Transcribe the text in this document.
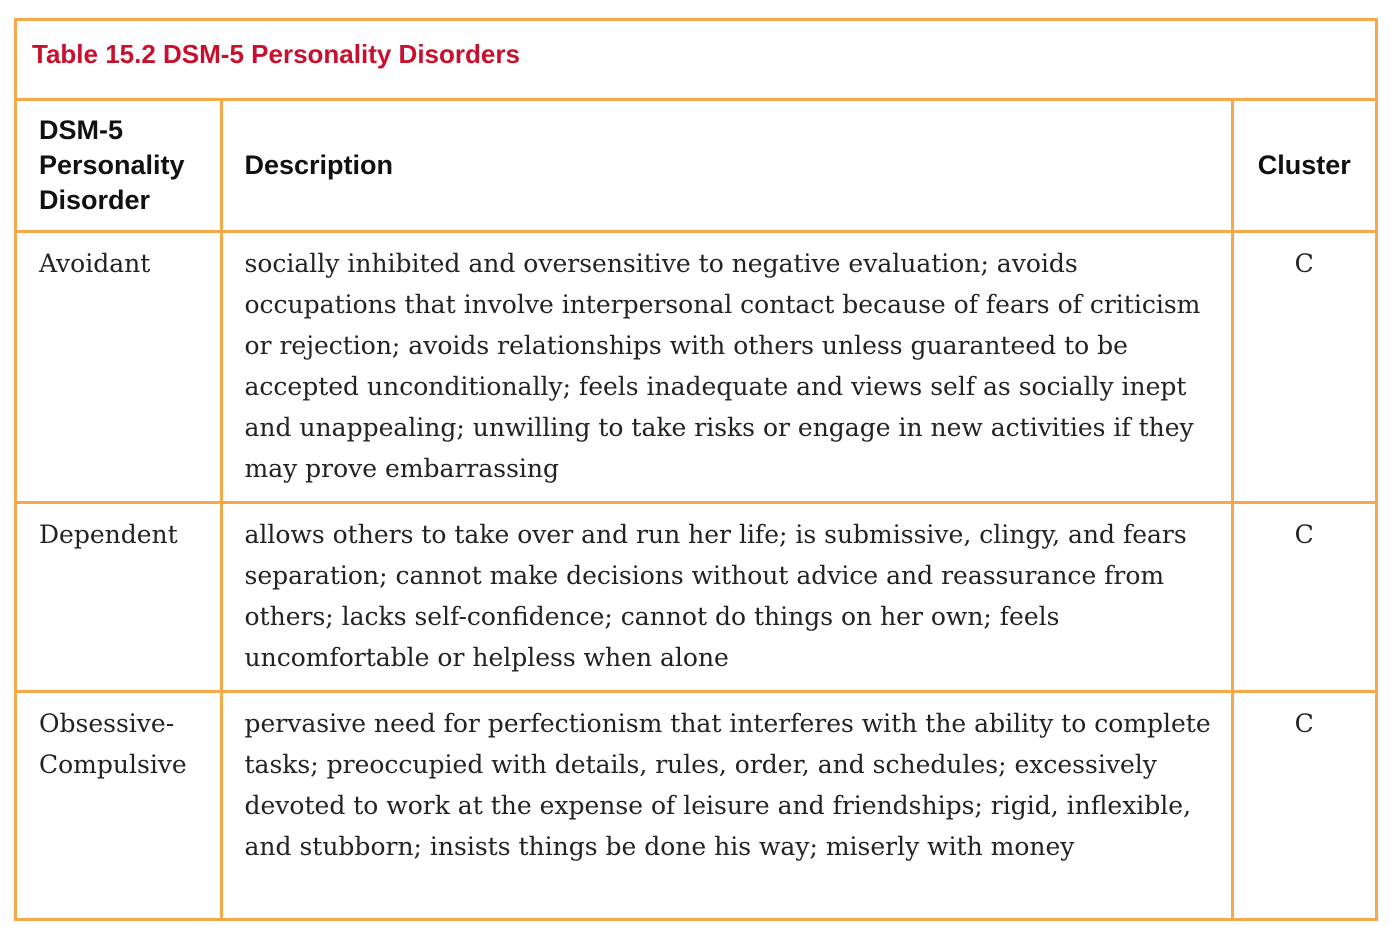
Table 15.2 DSM-5 Personality Disorders
DSM-5 Personality Disorder	Description	Cluster
Avoidant	socially inhibited and oversensitive to negative evaluation; avoids occupations that involve interpersonal contact because of fears of criticism or rejection; avoids relationships with others unless guaranteed to be accepted unconditionally; feels inadequate and views self as socially inept and unappealing; unwilling to take risks or engage in new activities if they may prove embarrassing	C
Dependent	allows others to take over and run her life; is submissive, clingy, and fears separation; cannot make decisions without advice and reassurance from others; lacks self-confidence; cannot do things on her own; feels uncomfortable or helpless when alone	C
Obsessive-Compulsive	pervasive need for perfectionism that interferes with the ability to complete tasks; preoccupied with details, rules, order, and schedules; excessively devoted to work at the expense of leisure and friendships; rigid, inflexible, and stubborn; insists things be done his way; miserly with money	C
